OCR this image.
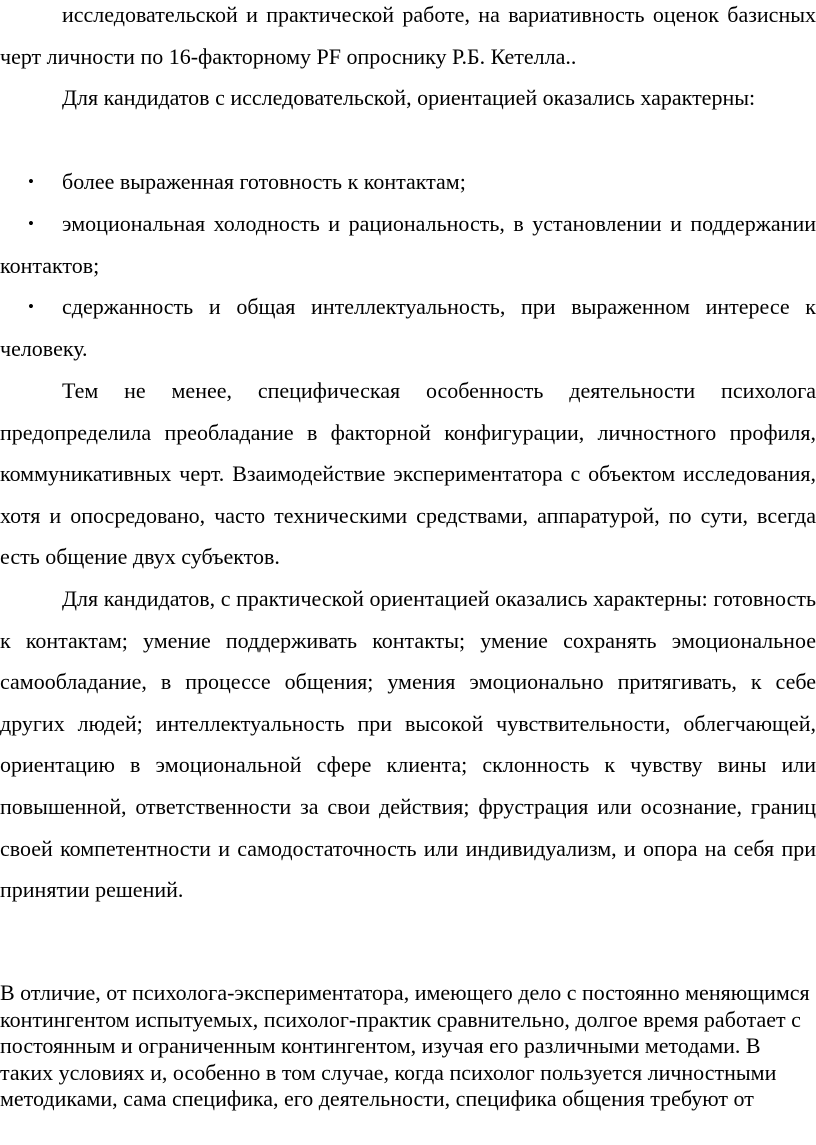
исследовательской и практической работе, на вариативность оценок базисных черт личности по 16-факторному PF опроснику Р.Б. Кетелла..
Для кандидатов с исследовательской, ориентацией оказались характерны:
• более выраженная готовность к контактам;
• эмоциональная холодность и рациональность, в установлении и поддержании контактов;
• сдержанность и общая интеллектуальность, при выраженном интересе к человеку.
Тем не менее, специфическая особенность деятельности психолога предопределила преобладание в факторной конфигурации, личностного профиля, коммуникативных черт. Взаимодействие экспериментатора с объектом исследования, хотя и опосредовано, часто техническими средствами, аппаратурой, по сути, всегда есть общение двух субъектов.
Для кандидатов, с практической ориентацией оказались характерны: готовность к контактам; умение поддерживать контакты; умение сохранять эмоциональное самообладание, в процессе общения; умения эмоционально притягивать, к себе других людей; интеллектуальность при высокой чувствительности, облегчающей, ориентацию в эмоциональной сфере клиента; склонность к чувству вины или повышенной, ответственности за свои действия; фрустрация или осознание, границ своей компетентности и самодостаточность или индивидуализм, и опора на себя при принятии решений.
В отличие, от психолога-экспериментатора, имеющего дело с постоянно меняющимся контингентом испытуемых, психолог-практик сравнительно, долгое время работает с постоянным и ограниченным контингентом, изучая его различными методами. В таких условиях и, особенно в том случае, когда психолог пользуется личностными методиками, сама специфика, его деятельности, специфика общения требуют от
